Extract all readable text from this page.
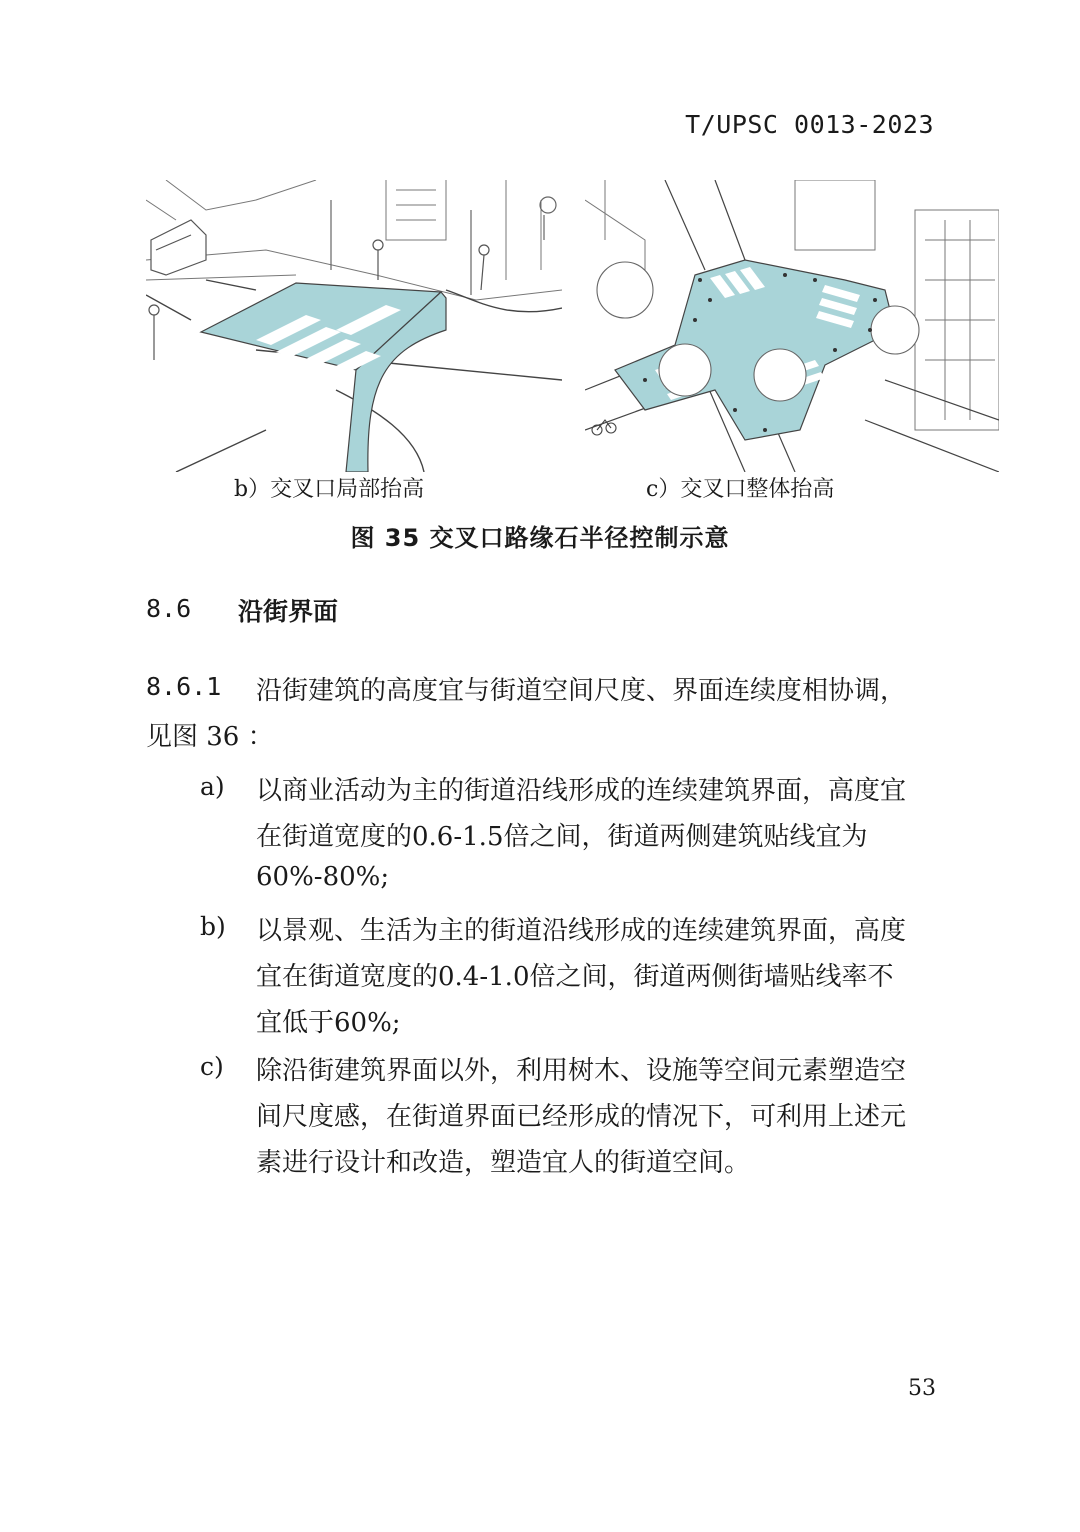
T/UPSC 0013-2023
b）交叉口局部抬高	c）交叉口整体抬高
图 35 交叉口路缘石半径控制示意
8.6 沿街界面
8.6.1 沿街建筑的高度宜与街道空间尺度、界面连续度相协调，
见图 36 ：
a) 以商业活动为主的街道沿线形成的连续建筑界面，高度宜
在街道宽度的0.6-1.5倍之间，街道两侧建筑贴线宜为
60%-80%;
b) 以景观、生活为主的街道沿线形成的连续建筑界面，高度
宜在街道宽度的0.4-1.0倍之间，街道两侧街墙贴线率不
宜低于60%;
c) 除沿街建筑界面以外，利用树木、设施等空间元素塑造空
间尺度感，在街道界面已经形成的情况下，可利用上述元
素进行设计和改造，塑造宜人的街道空间。
53
